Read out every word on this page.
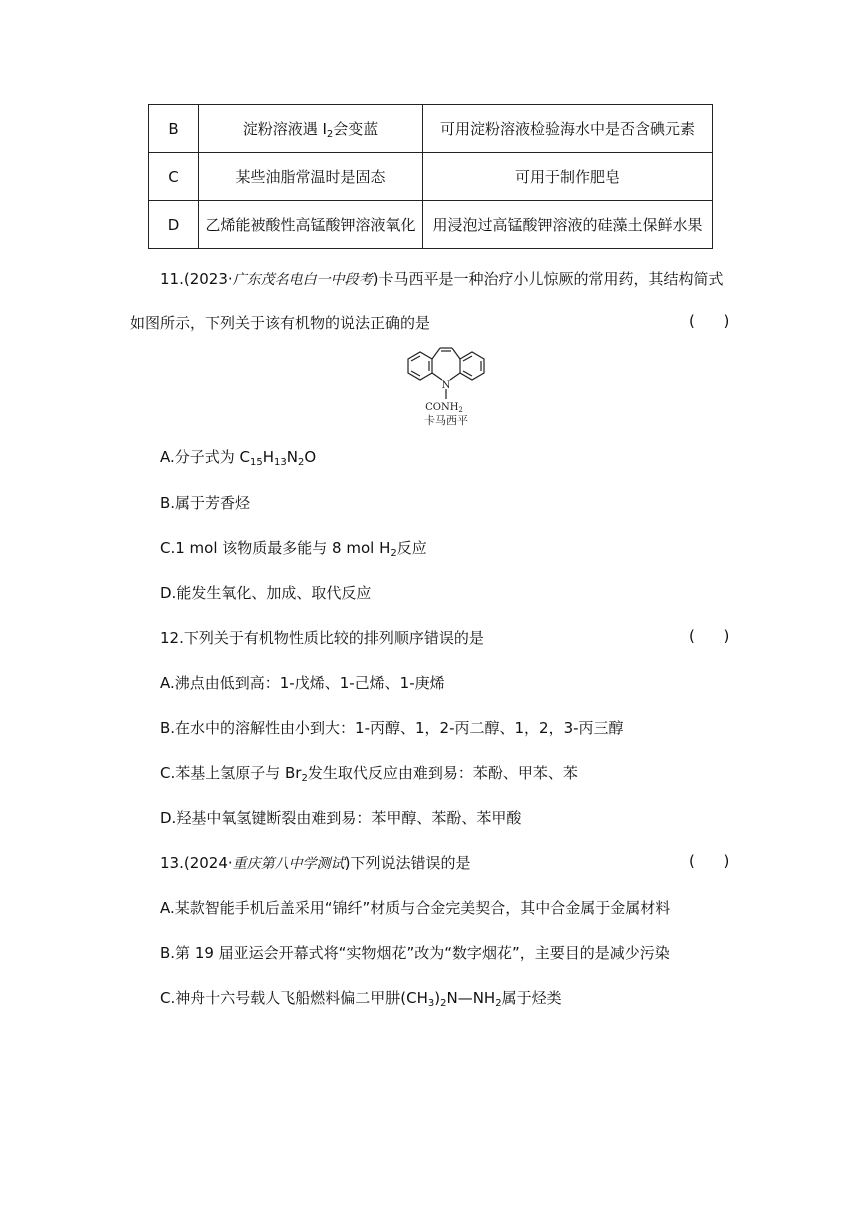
B	淀粉溶液遇 $I_2$会变蓝	可用淀粉溶液检验海水中是否含碘元素
C	某些油脂常温时是固态	可用于制作肥皂
D	乙烯能被酸性高锰酸钾溶液氧化	用浸泡过高锰酸钾溶液的硅藻土保鲜水果
11.(2023·广东茂名电白一中段考)卡马西平是一种治疗小儿惊厥的常用药，其结构简式
如图所示，下列关于该有机物的说法正确的是	(      )
N
$CONH_2$
卡马西平
A.分子式为 $C_{15}H_{13}N_2O$
B.属于芳香烃
C.1 mol 该物质最多能与 8 mol $H_2$反应
D.能发生氧化、加成、取代反应
12.下列关于有机物性质比较的排列顺序错误的是	(      )
A.沸点由低到高：1-戊烯、1-己烯、1-庚烯
B.在水中的溶解性由小到大：1-丙醇、1，2-丙二醇、1，2，3-丙三醇
C.苯基上氢原子与 $Br_2$发生取代反应由难到易：苯酚、甲苯、苯
D.羟基中氧氢键断裂由难到易：苯甲醇、苯酚、苯甲酸
13.(2024·重庆第八中学测试)下列说法错误的是	(      )
A.某款智能手机后盖采用“锦纤”材质与合金完美契合，其中合金属于金属材料
B.第 19 届亚运会开幕式将“实物烟花”改为“数字烟花”，主要目的是减少污染
C.神舟十六号载人飞船燃料偏二甲肼$(CH_3)_2N—NH_2$属于烃类
